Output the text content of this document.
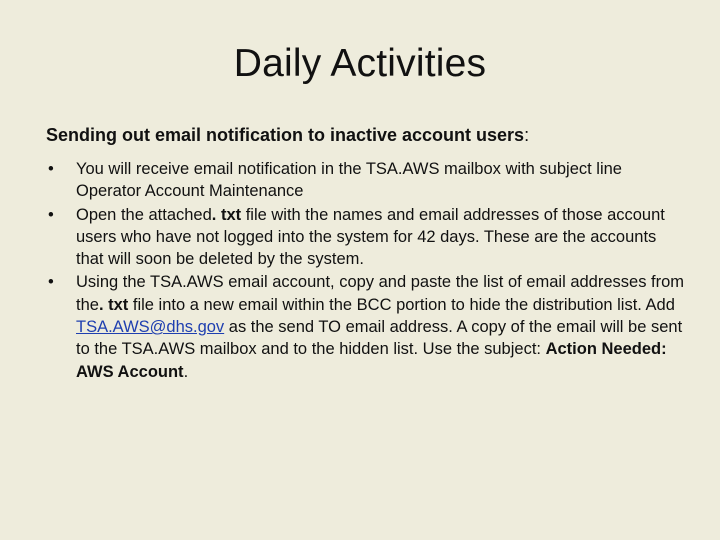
Daily Activities
Sending out email notification to inactive account users:
• You will receive email notification in the TSA.AWS mailbox with subject line Operator Account Maintenance
• Open the attached. txt file with the names and email addresses of those account users who have not logged into the system for 42 days. These are the accounts that will soon be deleted by the system.
• Using the TSA.AWS email account, copy and paste the list of email addresses from the. txt file into a new email within the BCC portion to hide the distribution list. Add TSA.AWS@dhs.gov as the send TO email address. A copy of the email will be sent to the TSA.AWS mailbox and to the hidden list. Use the subject: Action Needed: AWS Account.
